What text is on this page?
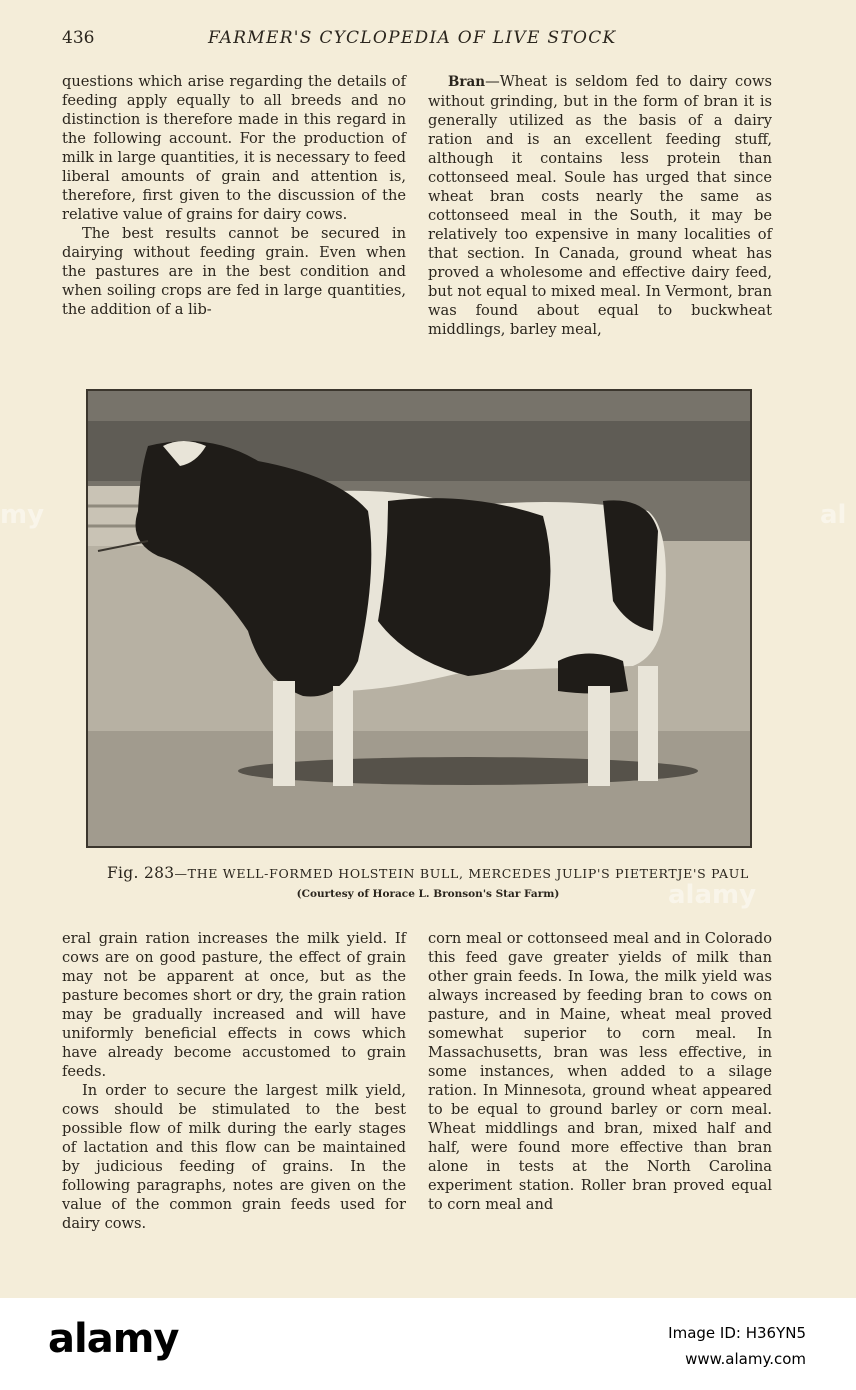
436	FARMER'S CYCLOPEDIA OF LIVE STOCK

questions which arise regarding the details of feeding apply equally to all breeds and no distinction is therefore made in this regard in the following account. For the production of milk in large quantities, it is necessary to feed liberal amounts of grain and attention is, therefore, first given to the discussion of the relative value of grains for dairy cows.

The best results cannot be secured in dairying without feeding grain. Even when the pastures are in the best condition and when soiling crops are fed in large quantities, the addition of a lib-

Bran—Wheat is seldom fed to dairy cows without grinding, but in the form of bran it is generally utilized as the basis of a dairy ration and is an excellent feeding stuff, although it contains less protein than cottonseed meal. Soule has urged that since wheat bran costs nearly the same as cottonseed meal in the South, it may be relatively too expensive in many localities of that section. In Canada, ground wheat has proved a wholesome and effective dairy feed, but not equal to mixed meal. In Vermont, bran was found about equal to buckwheat middlings, barley meal,

Fig. 283—THE WELL-FORMED HOLSTEIN BULL, MERCEDES JULIP'S PIETERTJE'S PAUL
(Courtesy of Horace L. Bronson's Star Farm)

eral grain ration increases the milk yield. If cows are on good pasture, the effect of grain may not be apparent at once, but as the pasture becomes short or dry, the grain ration may be gradually increased and will have uniformly beneficial effects in cows which have already become accustomed to grain feeds.

In order to secure the largest milk yield, cows should be stimulated to the best possible flow of milk during the early stages of lactation and this flow can be maintained by judicious feeding of grains. In the following paragraphs, notes are given on the value of the common grain feeds used for dairy cows.

corn meal or cottonseed meal and in Colorado this feed gave greater yields of milk than other grain feeds. In Iowa, the milk yield was always increased by feeding bran to cows on pasture, and in Maine, wheat meal proved somewhat superior to corn meal. In Massachusetts, bran was less effective, in some instances, when added to a silage ration. In Minnesota, ground wheat appeared to be equal to ground barley or corn meal. Wheat middlings and bran, mixed half and half, were found more effective than bran alone in tests at the North Carolina experiment station. Roller bran proved equal to corn meal and

my	al
alamy
alamy	Image ID: H36YN5
www.alamy.com
